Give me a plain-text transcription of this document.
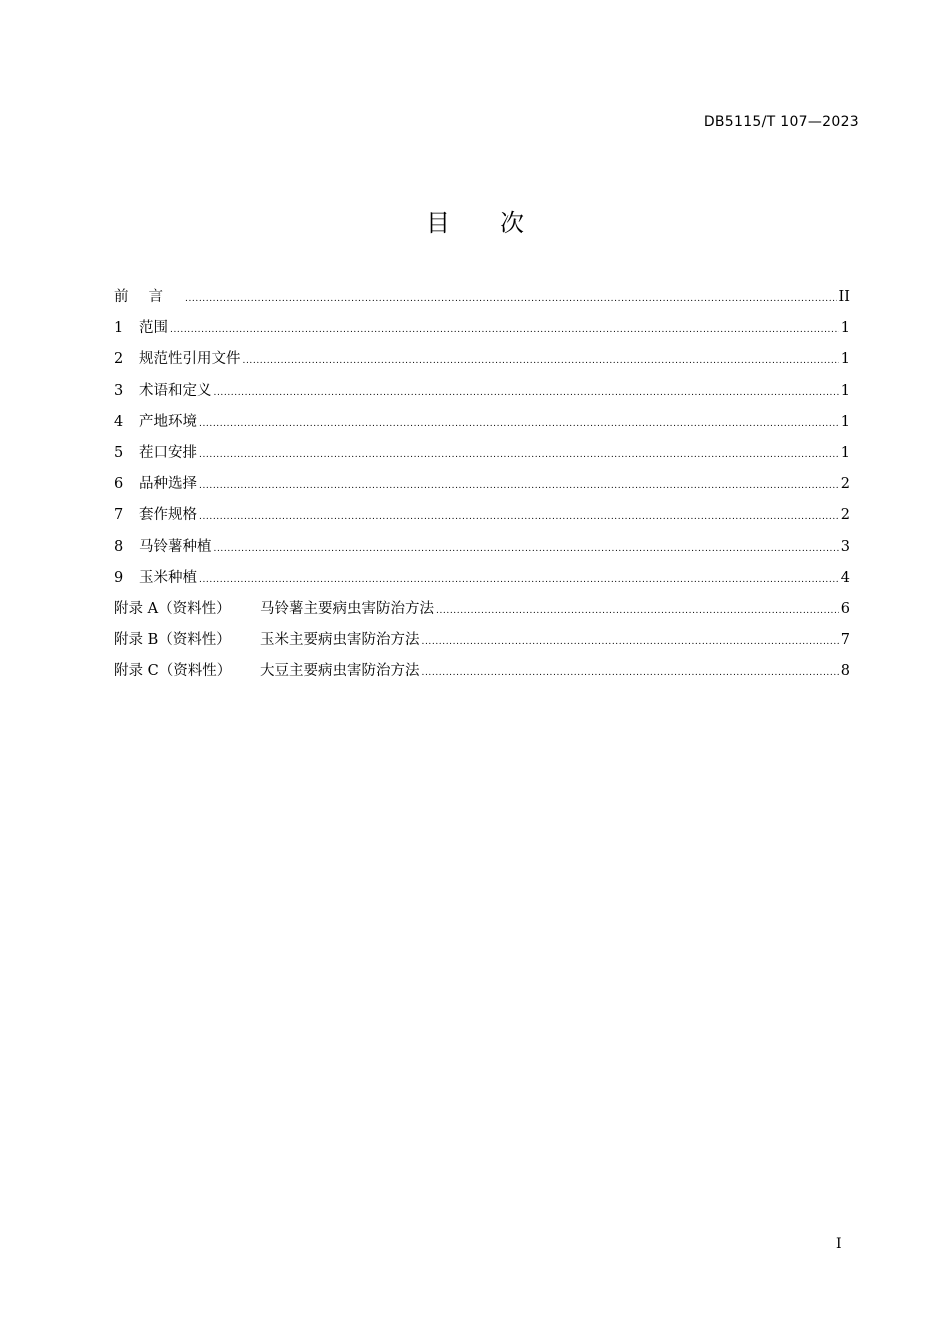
DB5115/T 107—2023
目 次
前言 .....	II
1	范围 .....	1
2	规范性引用文件 .....	1
3	术语和定义 .....	1
4	产地环境 .....	1
5	茬口安排 .....	1
6	品种选择 .....	2
7	套作规格 .....	2
8	马铃薯种植 .....	3
9	玉米种植 .....	4
附录 A（资料性）	马铃薯主要病虫害防治方法 .....	6
附录 B（资料性）	玉米主要病虫害防治方法 .....	7
附录 C（资料性）	大豆主要病虫害防治方法 .....	8
I
